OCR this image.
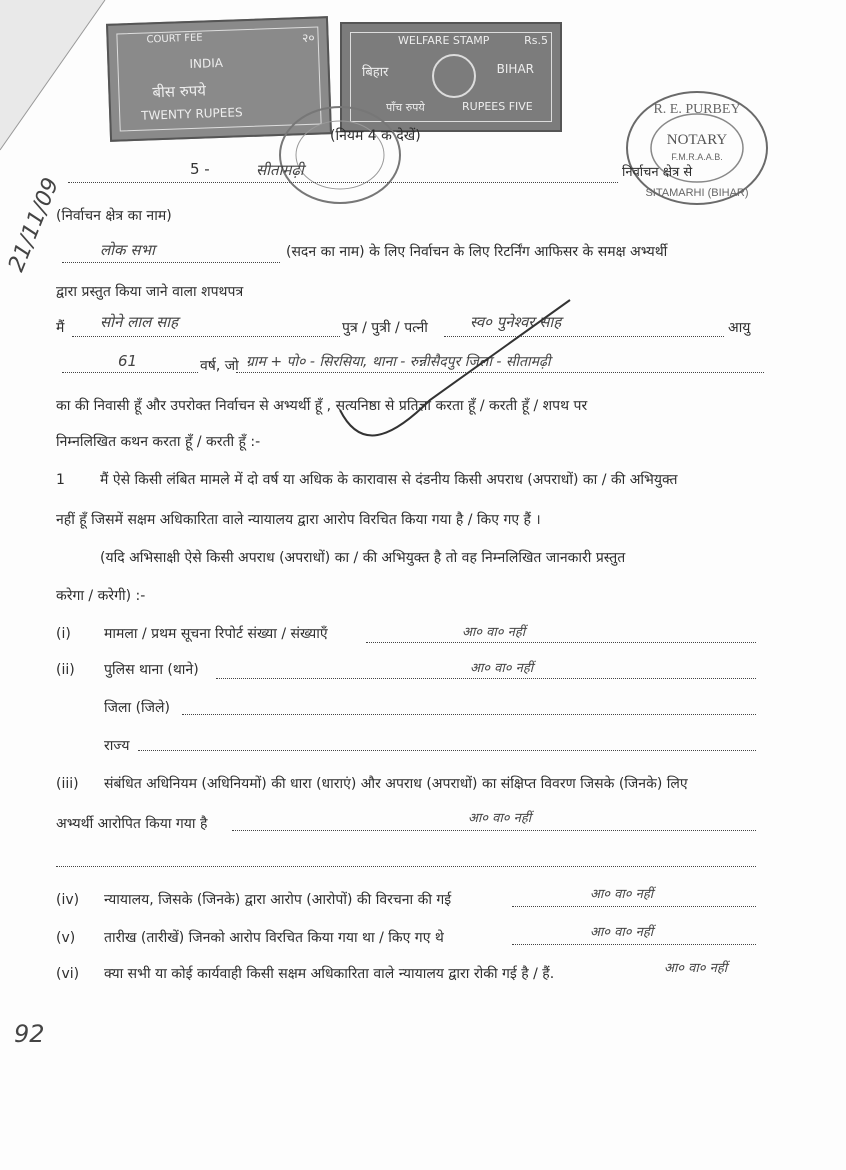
COURT FEE	२०
INDIA
बीस रुपये
TWENTY RUPEES
WELFARE STAMP	Rs.5
बिहार	BIHAR
पाँच रुपये	RUPEES FIVE	R. E. PURBEY
NOTARY
F.M.R.A.A.B.
SITAMARHI (BIHAR)
(नियम 4 क देखें)
5 -	सीतामढ़ी	निर्वाचन क्षेत्र से
21/11/09
(निर्वाचन क्षेत्र का नाम)
लोक सभा	(सदन का नाम) के लिए निर्वाचन के लिए रिटर्निंग आफिसर के समक्ष अभ्यर्थी
द्वारा प्रस्तुत किया जाने वाला शपथपत्र
मैं सोने लाल साह	पुत्र / पुत्री / पत्नी	स्व० पुनेश्वर साह	आयु
61	वर्ष, जो ग्राम + पो० - सिरसिया, थाना - रुन्नीसैदपुर जिला - सीतामढ़ी
का की निवासी हूँ और उपरोक्त निर्वाचन से अभ्यर्थी हूँ , सत्यनिष्ठा से प्रतिज्ञा करता हूँ / करती हूँ / शपथ पर
निम्नलिखित कथन करता हूँ / करती हूँ :-
1	मैं ऐसे किसी लंबित मामले में दो वर्ष या अधिक के कारावास से दंडनीय किसी अपराध (अपराधों) का / की अभियुक्त
नहीं हूँ जिसमें सक्षम अधिकारिता वाले न्यायालय द्वारा आरोप विरचित किया गया है / किए गए हैं ।
(यदि अभिसाक्षी ऐसे किसी अपराध (अपराधों) का / की अभियुक्त है तो वह निम्नलिखित जानकारी प्रस्तुत
करेगा / करेगी) :-
(i) मामला / प्रथम सूचना रिपोर्ट संख्या / संख्याएँ	आ० वा० नहीं
(ii) पुलिस थाना (थाने)	आ० वा० नहीं
जिला (जिले)
राज्य
(iii) संबंधित अधिनियम (अधिनियमों) की धारा (धाराएं) और अपराध (अपराधों) का संक्षिप्त विवरण जिसके (जिनके) लिए
अभ्यर्थी आरोपित किया गया है	आ० वा० नहीं
(iv) न्यायालय, जिसके (जिनके) द्वारा आरोप (आरोपों) की विरचना की गई	आ० वा० नहीं
(v) तारीख (तारीखें) जिनको आरोप विरचित किया गया था / किए गए थे	आ० वा० नहीं
(vi) क्या सभी या कोई कार्यवाही किसी सक्षम अधिकारिता वाले न्यायालय द्वारा रोकी गई है / हैं.	आ० वा० नहीं
92
